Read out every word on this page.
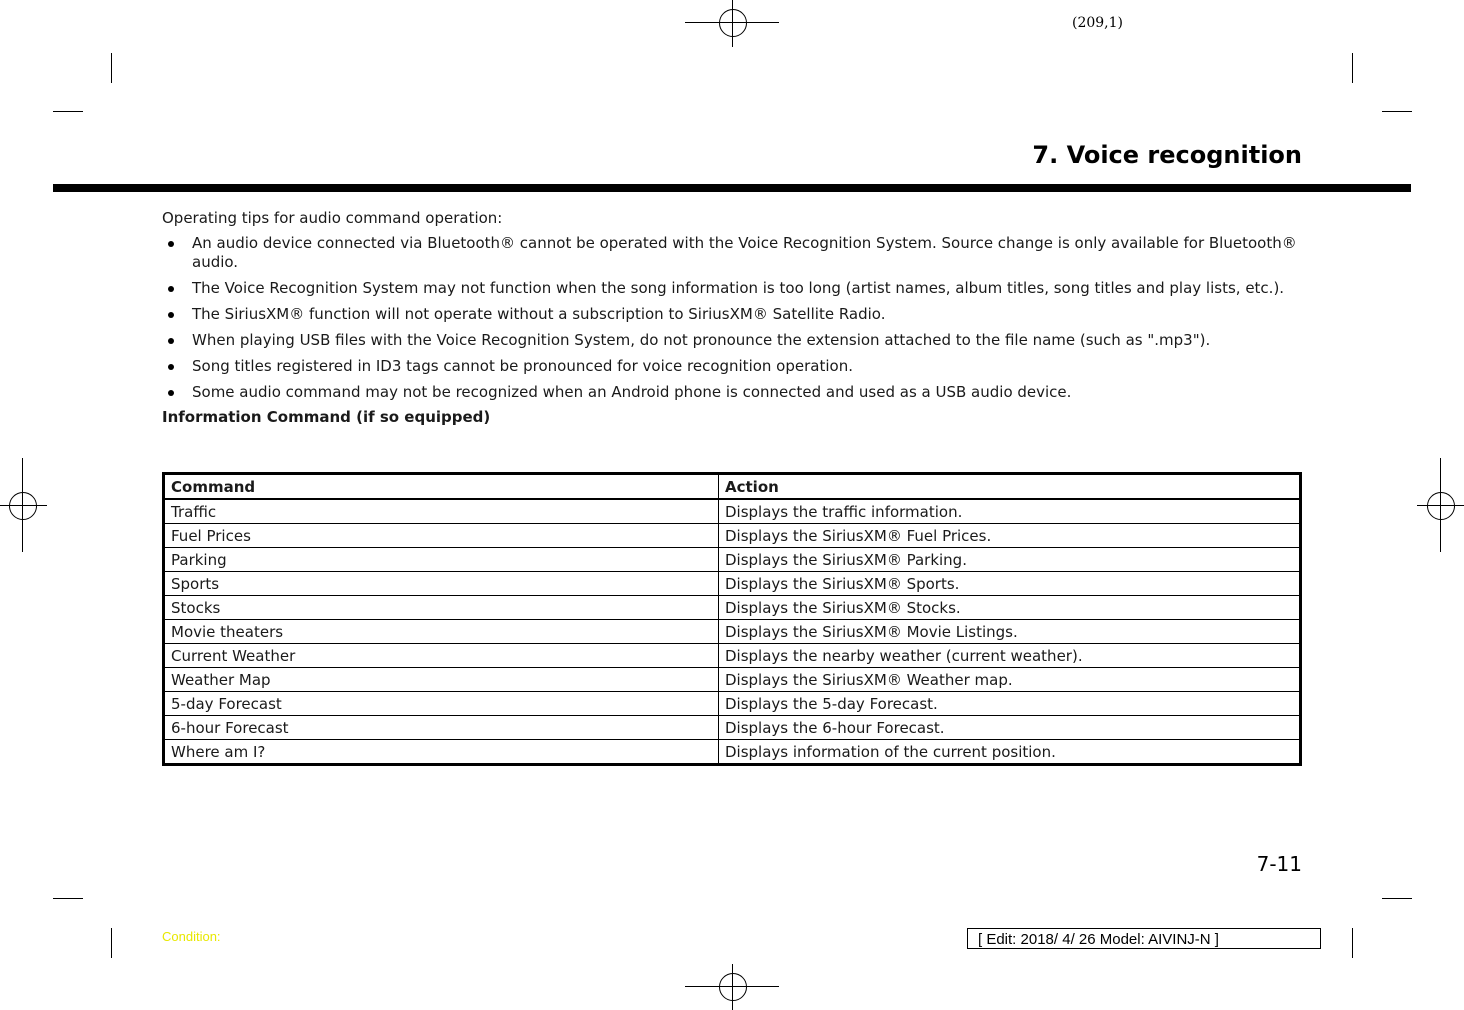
(209,1)
7. Voice recognition

Operating tips for audio command operation:

An audio device connected via Bluetooth® cannot be operated with the Voice Recognition System. Source change is only available for Bluetooth® audio.
The Voice Recognition System may not function when the song information is too long (artist names, album titles, song titles and play lists, etc.).
The SiriusXM® function will not operate without a subscription to SiriusXM® Satellite Radio.
When playing USB files with the Voice Recognition System, do not pronounce the extension attached to the file name (such as ".mp3").
Song titles registered in ID3 tags cannot be pronounced for voice recognition operation.
Some audio command may not be recognized when an Android phone is connected and used as a USB audio device.
Information Command (if so equipped)
Command	Action
Traffic	Displays the traffic information.
Fuel Prices	Displays the SiriusXM® Fuel Prices.
Parking	Displays the SiriusXM® Parking.
Sports	Displays the SiriusXM® Sports.
Stocks	Displays the SiriusXM® Stocks.
Movie theaters	Displays the SiriusXM® Movie Listings.
Current Weather	Displays the nearby weather (current weather).
Weather Map	Displays the SiriusXM® Weather map.
5-day Forecast	Displays the 5-day Forecast.
6-hour Forecast	Displays the 6-hour Forecast.
Where am I?	Displays information of the current position.
7-11
Condition:	[ Edit: 2018/ 4/ 26 Model: AIVINJ-N ]
